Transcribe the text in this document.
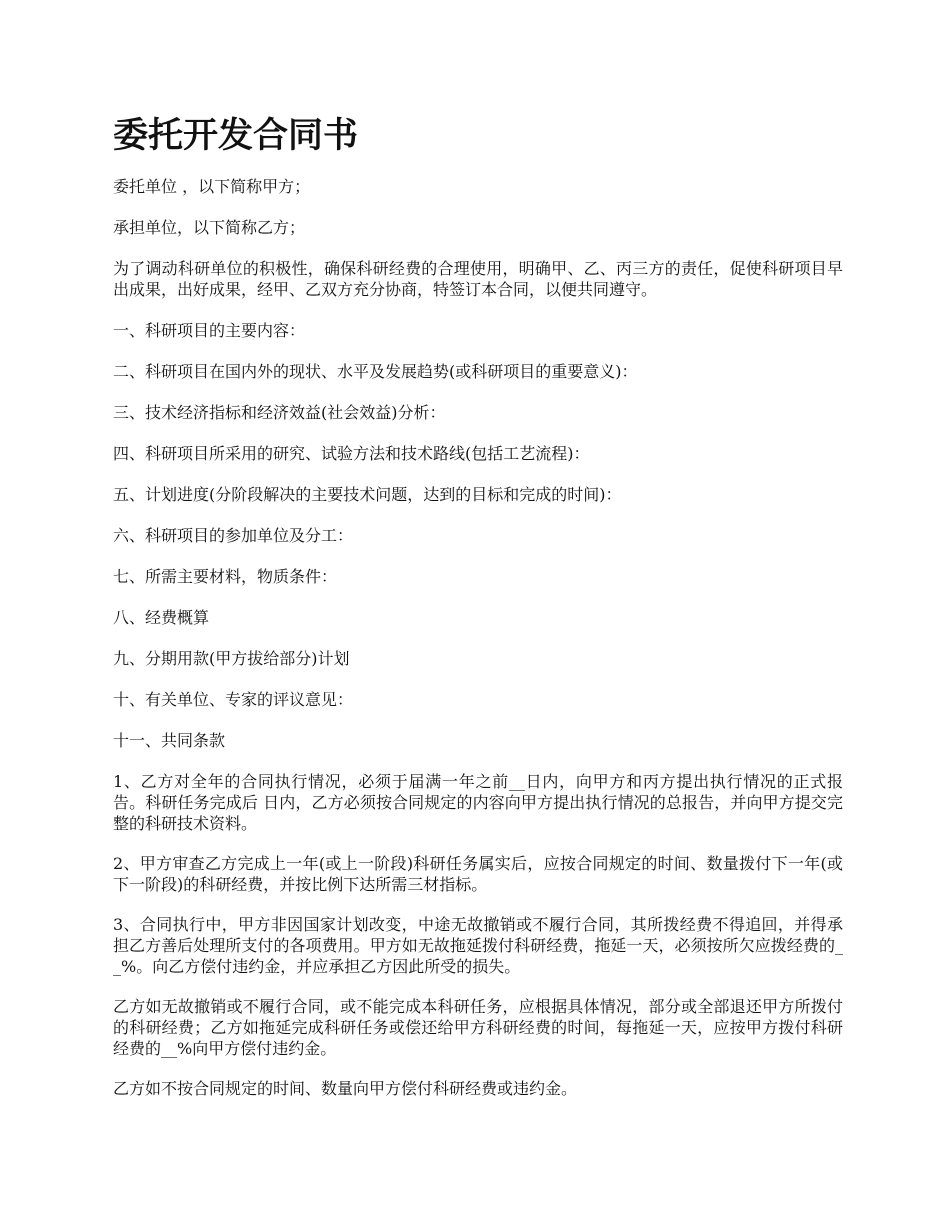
委托开发合同书

委托单位 ，以下简称甲方；

承担单位，以下简称乙方；

为了调动科研单位的积极性，确保科研经费的合理使用，明确甲、乙、丙三方的责任，促使科研项目早出成果，出好成果，经甲、乙双方充分协商，特签订本合同，以便共同遵守。

一、科研项目的主要内容：

二、科研项目在国内外的现状、水平及发展趋势(或科研项目的重要意义)：

三、技术经济指标和经济效益(社会效益)分析：

四、科研项目所采用的研究、试验方法和技术路线(包括工艺流程)：

五、计划进度(分阶段解决的主要技术问题，达到的目标和完成的时间)：

六、科研项目的参加单位及分工：

七、所需主要材料，物质条件：

八、经费概算

九、分期用款(甲方拔给部分)计划

十、有关单位、专家的评议意见：

十一、共同条款

1、乙方对全年的合同执行情况，必须于届满一年之前__日内，向甲方和丙方提出执行情况的正式报告。科研任务完成后 日内，乙方必须按合同规定的内容向甲方提出执行情况的总报告，并向甲方提交完整的科研技术资料。

2、甲方审查乙方完成上一年(或上一阶段)科研任务属实后，应按合同规定的时间、数量拨付下一年(或下一阶段)的科研经费，并按比例下达所需三材指标。

3、合同执行中，甲方非因国家计划改变，中途无故撤销或不履行合同，其所拨经费不得追回，并得承担乙方善后处理所支付的各项费用。甲方如无故拖延拨付科研经费，拖延一天，必须按所欠应拨经费的__%。向乙方偿付违约金，并应承担乙方因此所受的损失。

乙方如无故撤销或不履行合同，或不能完成本科研任务，应根据具体情况，部分或全部退还甲方所拨付的科研经费；乙方如拖延完成科研任务或偿还给甲方科研经费的时间，每拖延一天，应按甲方拨付科研经费的__%向甲方偿付违约金。

乙方如不按合同规定的时间、数量向甲方偿付科研经费或违约金。
